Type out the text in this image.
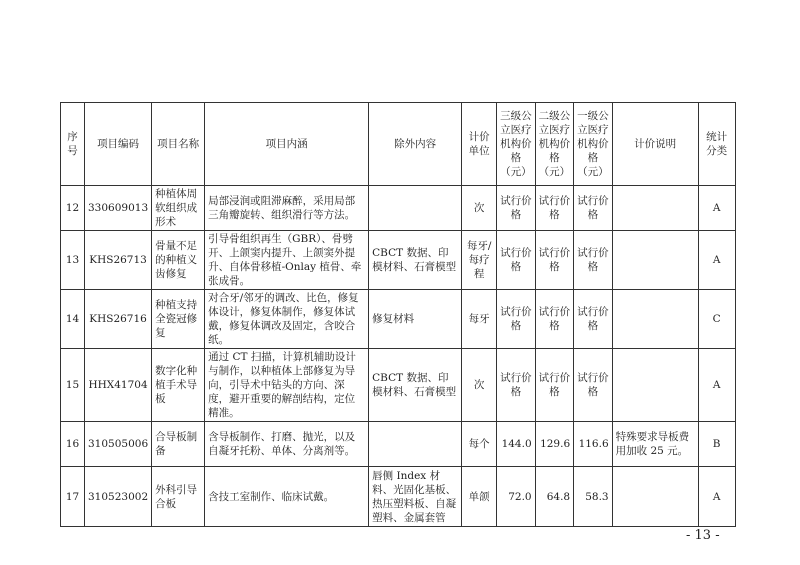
序号	项目编码	项目名称	项目内涵	除外内容	计价单位	三级公立医疗机构价格（元）	二级公立医疗机构价格（元）	一级公立医疗机构价格（元）	计价说明	统计分类
12	330609013	种植体周软组织成形术	局部浸润或阻滞麻醉，采用局部三角瓣旋转、组织滑行等方法。		次	试行价格	试行价格	试行价格		A
13	KHS26713	骨量不足的种植义齿修复	引导骨组织再生（GBR）、骨劈开、上颌窦内提升、上颌窦外提升、自体骨移植-Onlay 植骨、牵张成骨。	CBCT 数据、印模材料、石膏模型	每牙/每疗程	试行价格	试行价格	试行价格		A
14	KHS26716	种植支持全瓷冠修复	对合牙/邻牙的调改、比色，修复体设计，修复体制作，修复体试戴，修复体调改及固定，含咬合纸。	修复材料	每牙	试行价格	试行价格	试行价格		C
15	HHX41704	数字化种植手术导板	通过 CT 扫描，计算机辅助设计与制作，以种植体上部修复为导向，引导术中钻头的方向、深度，避开重要的解剖结构，定位精准。	CBCT 数据、印模材料、石膏模型	次	试行价格	试行价格	试行价格		A
16	310505006	合导板制备	含导板制作、打磨、抛光，以及自凝牙托粉、单体、分离剂等。		每个	144.0	129.6	116.6	特殊要求导板费用加收 25 元。	B
17	310523002	外科引导合板	含技工室制作、临床试戴。	唇侧 Index 材料、光固化基板、热压塑料板、自凝塑料、金属套管	单颌	72.0	64.8	58.3		A
- 13 -
